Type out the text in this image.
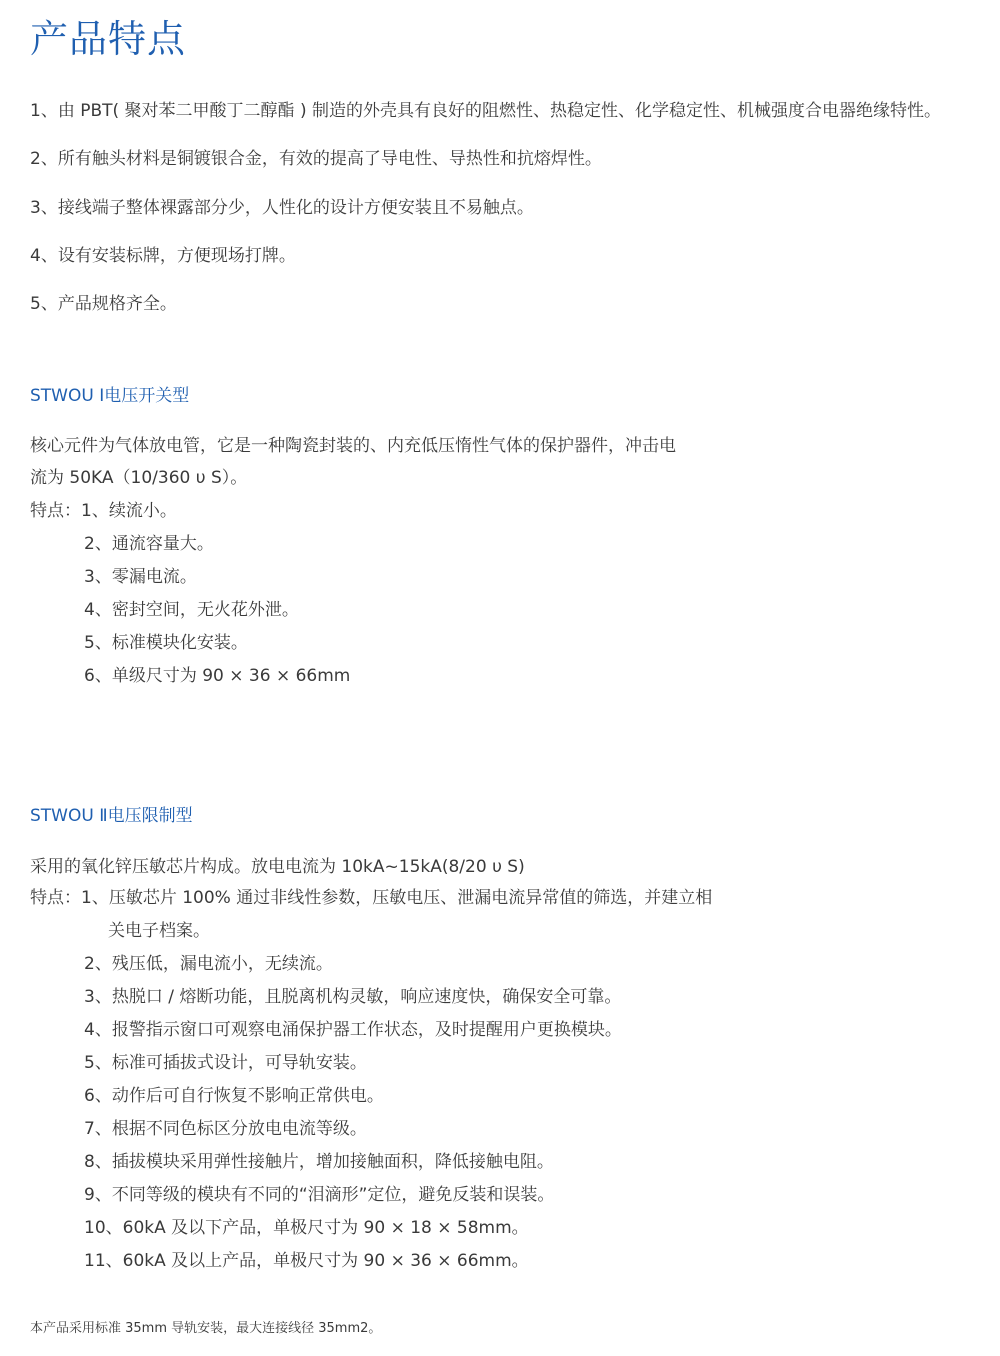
产品特点
1、由 PBT( 聚对苯二甲酸丁二醇酯 ) 制造的外壳具有良好的阻燃性、热稳定性、化学稳定性、机械强度合电器绝缘特性。
2、所有触头材料是铜镀银合金，有效的提高了导电性、导热性和抗熔焊性。
3、接线端子整体裸露部分少，人性化的设计方便安装且不易触点。
4、设有安装标牌，方便现场打牌。
5、产品规格齐全。
STWOU Ⅰ电压开关型
核心元件为气体放电管，它是一种陶瓷封装的、内充低压惰性气体的保护器件，冲击电
流为 50KA（10/360 υ S）。
特点：1、续流小。
2、通流容量大。
3、零漏电流。
4、密封空间，无火花外泄。
5、标准模块化安装。
6、单级尺寸为 90 × 36 × 66mm
STWOU Ⅱ电压限制型
采用的氧化锌压敏芯片构成。放电电流为 10kA~15kA(8/20 υ S)
特点：1、压敏芯片 100% 通过非线性参数，压敏电压、泄漏电流异常值的筛选，并建立相
关电子档案。
2、残压低，漏电流小，无续流。
3、热脱口 / 熔断功能，且脱离机构灵敏，响应速度快，确保安全可靠。
4、报警指示窗口可观察电涌保护器工作状态，及时提醒用户更换模块。
5、标准可插拔式设计，可导轨安装。
6、动作后可自行恢复不影响正常供电。
7、根据不同色标区分放电电流等级。
8、插拔模块采用弹性接触片，增加接触面积，降低接触电阻。
9、不同等级的模块有不同的“泪滴形”定位，避免反装和误装。
10、60kA 及以下产品，单极尺寸为 90 × 18 × 58mm。
11、60kA 及以上产品，单极尺寸为 90 × 36 × 66mm。
本产品采用标准 35mm 导轨安装，最大连接线径 35mm2。
